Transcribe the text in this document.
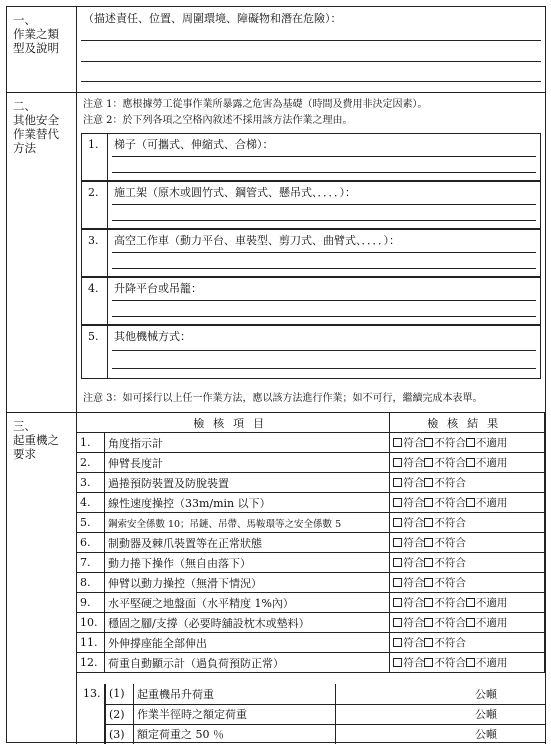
一、
作業之類
型及說明
（描述責任、位置、周圍環境、障礙物和潛在危險）：
二、
其他安全
作業替代
方法
注意 1：應根據勞工從事作業所暴露之危害為基礎（時間及費用非決定因素）。
注意 2：於下列各項之空格內敘述不採用該方法作業之理由。
1.	梯子（可攜式、伸縮式、合梯）：
2.	施工架（原木或圓竹式、鋼管式、懸吊式、．．．．）：
3.	高空工作車（動力平台、車裝型、剪刀式、曲臂式、．．．．）：
4.	升降平台或吊籠：
5.	其他機械方式：
注意 3：如可採行以上任一作業方法，應以該方法進行作業；如不可行，繼續完成本表單。
三、
起重機之
要求
檢核項目		檢核結果
1.	角度指示計	符合 不符合 不適用
2.	伸臂長度計	符合 不符合 不適用
3.	過捲預防裝置及防脫裝置	符合 不符合
4.	線性速度操控（33m/min 以下）	符合 不符合 不適用
5.	鋼索安全係數 10；吊鏈、吊帶、馬鞍環等之安全係數 5	符合 不符合
6.	制動器及棘爪裝置等在正常狀態	符合 不符合
7.	動力捲下操作（無自由落下）	符合 不符合
8.	伸臂以動力操控（無滑下情況）	符合 不符合
9.	水平堅硬之地盤面（水平精度 1%內）	符合 不符合 不適用
10.	穩固之腳/支撐（必要時舖設枕木或墊料）	符合 不符合 不適用
11.	外伸撐座能全部伸出	符合 不符合
12.	荷重自動顯示計（過負荷預防正常）	符合 不符合 不適用
13. (1)	起重機吊升荷重	公噸
(2)	作業半徑時之額定荷重	公噸
(3)	額定荷重之 50 ％	公噸
